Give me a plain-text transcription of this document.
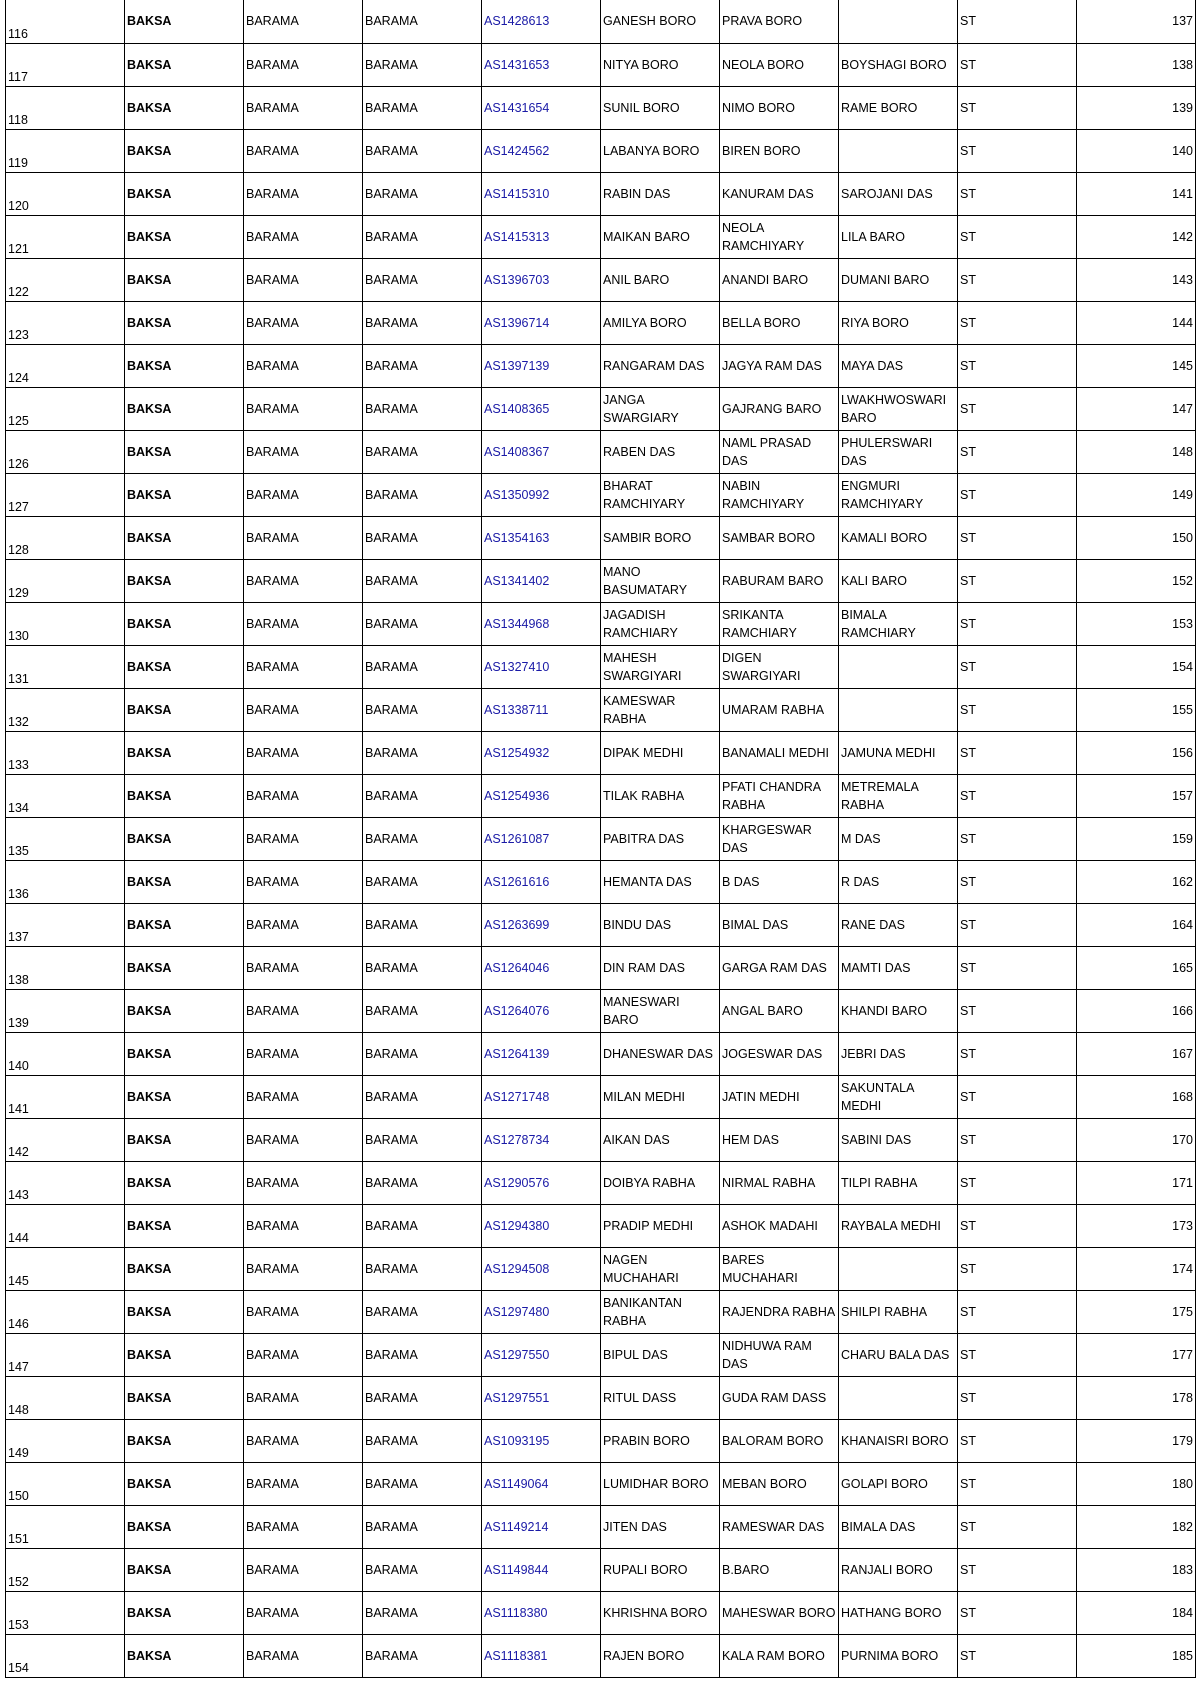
116	BAKSA	BARAMA	BARAMA	AS1428613	GANESH BORO	PRAVA BORO		ST	137
117	BAKSA	BARAMA	BARAMA	AS1431653	NITYA BORO	NEOLA BORO	BOYSHAGI BORO	ST	138
118	BAKSA	BARAMA	BARAMA	AS1431654	SUNIL BORO	NIMO BORO	RAME BORO	ST	139
119	BAKSA	BARAMA	BARAMA	AS1424562	LABANYA BORO	BIREN BORO		ST	140
120	BAKSA	BARAMA	BARAMA	AS1415310	RABIN DAS	KANURAM DAS	SAROJANI DAS	ST	141
121	BAKSA	BARAMA	BARAMA	AS1415313	MAIKAN BARO	NEOLA RAMCHIYARY	LILA BARO	ST	142
122	BAKSA	BARAMA	BARAMA	AS1396703	ANIL BARO	ANANDI BARO	DUMANI BARO	ST	143
123	BAKSA	BARAMA	BARAMA	AS1396714	AMILYA BORO	BELLA BORO	RIYA BORO	ST	144
124	BAKSA	BARAMA	BARAMA	AS1397139	RANGARAM DAS	JAGYA RAM DAS	MAYA DAS	ST	145
125	BAKSA	BARAMA	BARAMA	AS1408365	JANGA SWARGIARY	GAJRANG BARO	LWAKHWOSWARI BARO	ST	147
126	BAKSA	BARAMA	BARAMA	AS1408367	RABEN DAS	NAML PRASAD DAS	PHULERSWARI DAS	ST	148
127	BAKSA	BARAMA	BARAMA	AS1350992	BHARAT RAMCHIYARY	NABIN RAMCHIYARY	ENGMURI RAMCHIYARY	ST	149
128	BAKSA	BARAMA	BARAMA	AS1354163	SAMBIR BORO	SAMBAR BORO	KAMALI BORO	ST	150
129	BAKSA	BARAMA	BARAMA	AS1341402	MANO BASUMATARY	RABURAM BARO	KALI BARO	ST	152
130	BAKSA	BARAMA	BARAMA	AS1344968	JAGADISH RAMCHIARY	SRIKANTA RAMCHIARY	BIMALA RAMCHIARY	ST	153
131	BAKSA	BARAMA	BARAMA	AS1327410	MAHESH SWARGIYARI	DIGEN SWARGIYARI		ST	154
132	BAKSA	BARAMA	BARAMA	AS1338711	KAMESWAR RABHA	UMARAM RABHA		ST	155
133	BAKSA	BARAMA	BARAMA	AS1254932	DIPAK MEDHI	BANAMALI MEDHI	JAMUNA MEDHI	ST	156
134	BAKSA	BARAMA	BARAMA	AS1254936	TILAK RABHA	PFATI CHANDRA RABHA	METREMALA RABHA	ST	157
135	BAKSA	BARAMA	BARAMA	AS1261087	PABITRA DAS	KHARGESWAR DAS	M DAS	ST	159
136	BAKSA	BARAMA	BARAMA	AS1261616	HEMANTA DAS	B DAS	R DAS	ST	162
137	BAKSA	BARAMA	BARAMA	AS1263699	BINDU DAS	BIMAL DAS	RANE DAS	ST	164
138	BAKSA	BARAMA	BARAMA	AS1264046	DIN RAM DAS	GARGA RAM DAS	MAMTI DAS	ST	165
139	BAKSA	BARAMA	BARAMA	AS1264076	MANESWARI BARO	ANGAL BARO	KHANDI BARO	ST	166
140	BAKSA	BARAMA	BARAMA	AS1264139	DHANESWAR DAS	JOGESWAR DAS	JEBRI DAS	ST	167
141	BAKSA	BARAMA	BARAMA	AS1271748	MILAN MEDHI	JATIN MEDHI	SAKUNTALA MEDHI	ST	168
142	BAKSA	BARAMA	BARAMA	AS1278734	AIKAN DAS	HEM DAS	SABINI DAS	ST	170
143	BAKSA	BARAMA	BARAMA	AS1290576	DOIBYA RABHA	NIRMAL RABHA	TILPI RABHA	ST	171
144	BAKSA	BARAMA	BARAMA	AS1294380	PRADIP MEDHI	ASHOK MADAHI	RAYBALA MEDHI	ST	173
145	BAKSA	BARAMA	BARAMA	AS1294508	NAGEN MUCHAHARI	BARES MUCHAHARI		ST	174
146	BAKSA	BARAMA	BARAMA	AS1297480	BANIKANTAN RABHA	RAJENDRA RABHA	SHILPI RABHA	ST	175
147	BAKSA	BARAMA	BARAMA	AS1297550	BIPUL DAS	NIDHUWA RAM DAS	CHARU BALA DAS	ST	177
148	BAKSA	BARAMA	BARAMA	AS1297551	RITUL DASS	GUDA RAM DASS		ST	178
149	BAKSA	BARAMA	BARAMA	AS1093195	PRABIN BORO	BALORAM BORO	KHANAISRI BORO	ST	179
150	BAKSA	BARAMA	BARAMA	AS1149064	LUMIDHAR BORO	MEBAN BORO	GOLAPI BORO	ST	180
151	BAKSA	BARAMA	BARAMA	AS1149214	JITEN DAS	RAMESWAR DAS	BIMALA DAS	ST	182
152	BAKSA	BARAMA	BARAMA	AS1149844	RUPALI BORO	B.BARO	RANJALI BORO	ST	183
153	BAKSA	BARAMA	BARAMA	AS1118380	KHRISHNA BORO	MAHESWAR BORO	HATHANG BORO	ST	184
154	BAKSA	BARAMA	BARAMA	AS1118381	RAJEN BORO	KALA RAM BORO	PURNIMA BORO	ST	185
